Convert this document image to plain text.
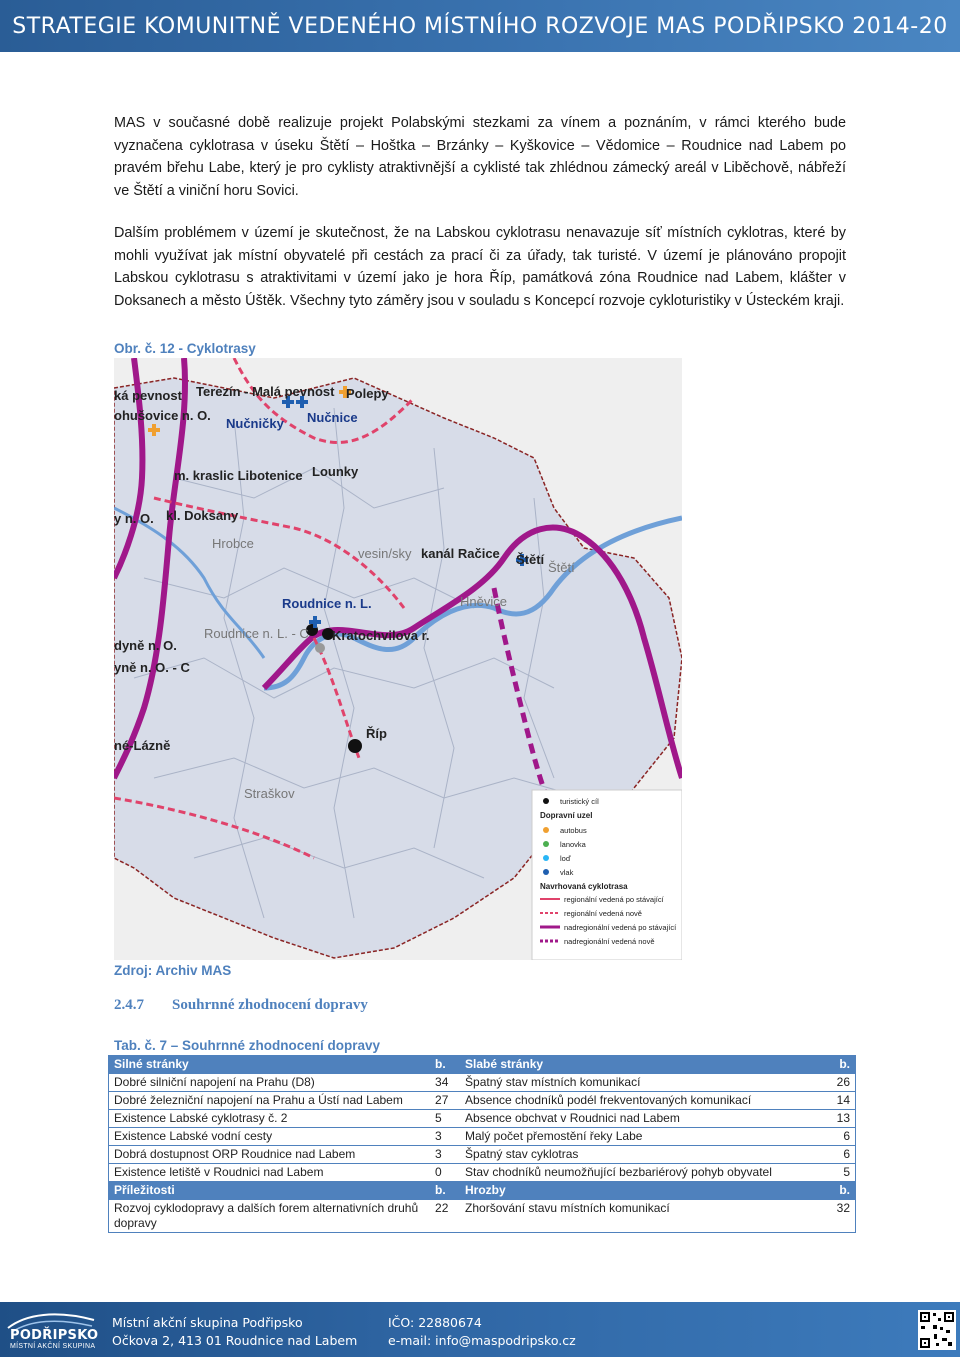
STRATEGIE KOMUNITNĚ VEDENÉHO MÍSTNÍHO ROZVOJE MAS PODŘIPSKO 2014-20

MAS v současné době realizuje projekt Polabskými stezkami za vínem a poznáním, v rámci kterého bude vyznačena cyklotrasa v úseku Štětí – Hoštka – Brzánky – Kyškovice – Vědomice – Roudnice nad Labem po pravém břehu Labe, který je pro cyklisty atraktivnější a cyklisté tak zhlédnou zámecký areál v Liběchově, nábřeží ve Štětí a viniční horu Sovici.

Dalším problémem v území je skutečnost, že na Labskou cyklotrasu nenavazuje síť místních cyklotras, které by mohli využívat jak místní obyvatelé při cestách za prací či za úřady, tak turisté. V území je plánováno propojit Labskou cyklotrasu s atraktivitami v území jako je hora Říp, památková zóna Roudnice nad Labem, klášter v Doksanech a město Úštěk. Všechny tyto záměry jsou v souladu s Koncepcí rozvoje cykloturistiky v Ústeckém kraji.

Obr. č. 12 - Cyklotrasy
ká pevnost Terezín - Malá pevnost Polepy
ohušovice n. O.
Nučničky Nučnice
m. kraslic Libotenice Lounky
y n. O. kl. Doksany
Hrobce
vesin/sky kanál Račice Štětí
Štětí
Hněvice
Roudnice n. L.
Roudnice n. L. - C Kratochvilova r.
dyně n. O.
yně n. O. - C
né-Lázně
Říp
Straškov
turistický cíl
Dopravní uzel
autobus
lanovka
loď
vlak
Navrhovaná cyklotrasa
regionální vedená po stávající
regionální vedená nově
nadregionální vedená po stávající
nadregionální vedená nově
Zdroj: Archiv MAS
2.4.7 Souhrnné zhodnocení dopravy
Tab. č. 7 – Souhrnné zhodnocení dopravy
Silné stránky	b.	Slabé stránky	b.
Dobré silniční napojení na Prahu (D8)	34	Špatný stav místních komunikací	26
Dobré železniční napojení na Prahu a Ústí nad Labem	27	Absence chodníků podél frekventovaných komunikací	14
Existence Labské cyklotrasy č. 2	5	Absence obchvat v Roudnici nad Labem	13
Existence Labské vodní cesty	3	Malý počet přemostění řeky Labe	6
Dobrá dostupnost ORP Roudnice nad Labem	3	Špatný stav cyklotras	6
Existence letiště v Roudnici nad Labem	0	Stav chodníků neumožňující bezbariérový pohyb obyvatel	5
Příležitosti	b.	Hrozby	b.
Rozvoj cyklodopravy a dalších forem alternativních druhů dopravy	22	Zhoršování stavu místních komunikací	32
PODŘIPSKO
MÍSTNÍ AKČNÍ SKUPINA
Místní akční skupina Podřipsko
Očkova 2, 413 01 Roudnice nad Labem
IČO: 22880674
e-mail: info@maspodripsko.cz
